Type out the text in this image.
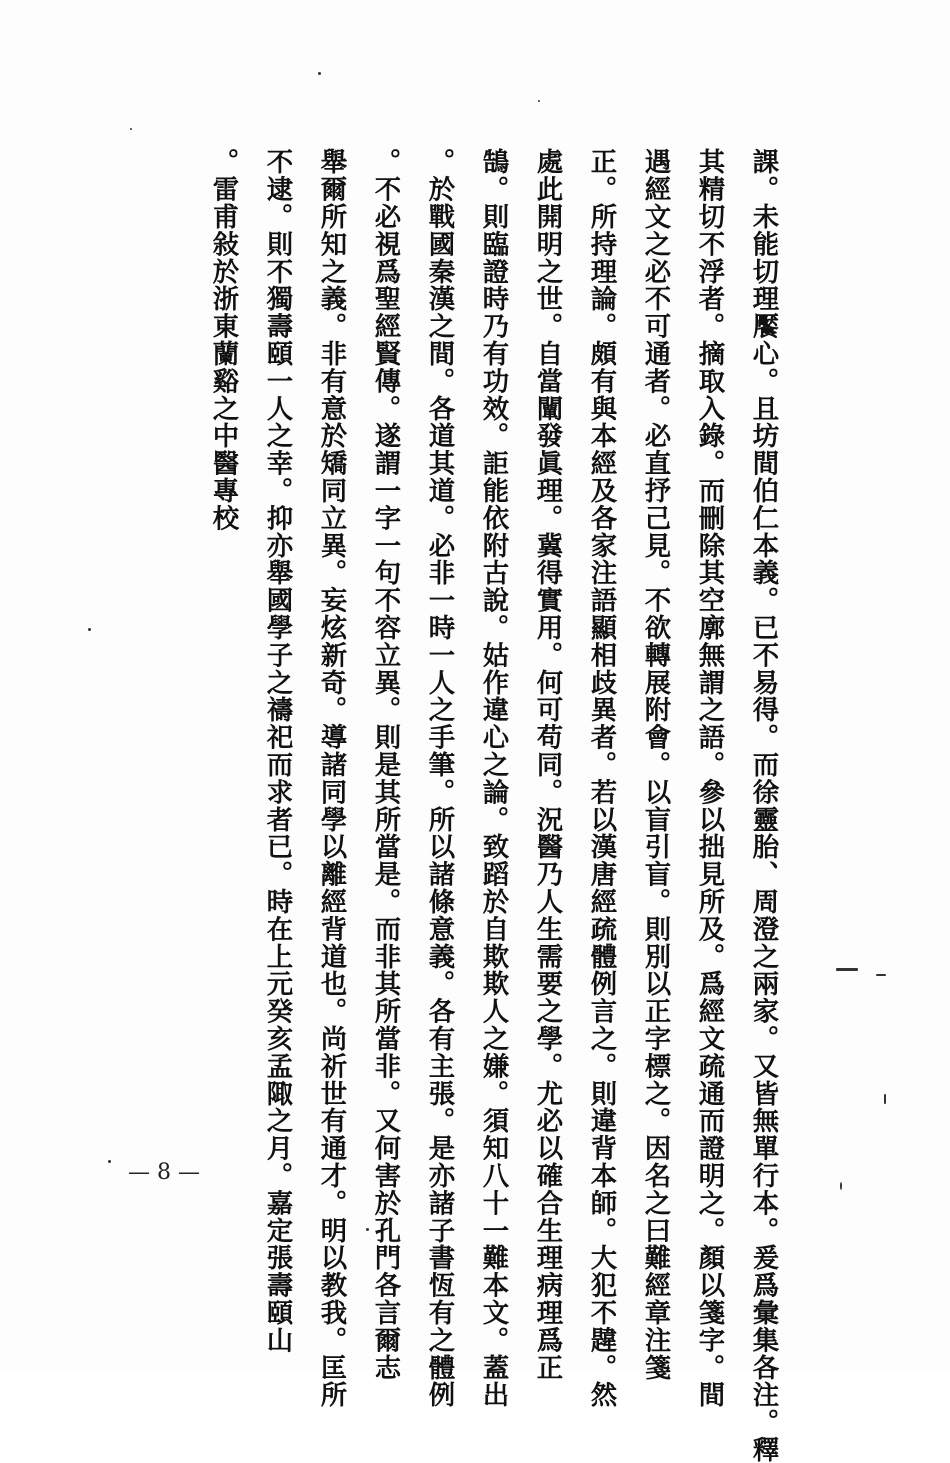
課。未能切理饜心。且坊間伯仁本義。已不易得。而徐靈胎、周澄之兩家。又皆無單行本。爰爲彙集各注。釋
其精切不浮者。摘取入錄。而刪除其空廓無謂之語。參以拙見所及。爲經文疏通而證明之。顏以箋字。間
遇經文之必不可通者。必直抒己見。不欲轉展附會。以盲引盲。則別以正字標之。因名之曰難經章注箋
正。所持理論。頗有與本經及各家注語顯相歧異者。若以漢唐經疏體例言之。則違背本師。大犯不韙。然
處此開明之世。自當闡發眞理。冀得實用。何可苟同。況醫乃人生需要之學。尤必以確合生理病理爲正
鵠。則臨證時乃有功效。詎能依附古說。姑作違心之論。致蹈於自欺欺人之嫌。須知八十一難本文。蓋出
於戰國秦漢之間。各道其道。必非一時一人之手筆。所以諸條意義。各有主張。是亦諸子書恆有之體例。
不必視爲聖經賢傳。遂謂一字一句不容立異。則是其所當是。而非其所當非。又何害於孔門各言爾志。
舉爾所知之義。非有意於矯同立異。妄炫新奇。導諸同學以離經背道也。尚祈世有通才。明以教我。匡所
不逮。則不獨壽頤一人之幸。抑亦舉國學子之禱祀而求者已。時在上元癸亥孟陬之月。嘉定張壽頤山
雷甫敍於浙東蘭谿之中醫專校。
— 8 —
